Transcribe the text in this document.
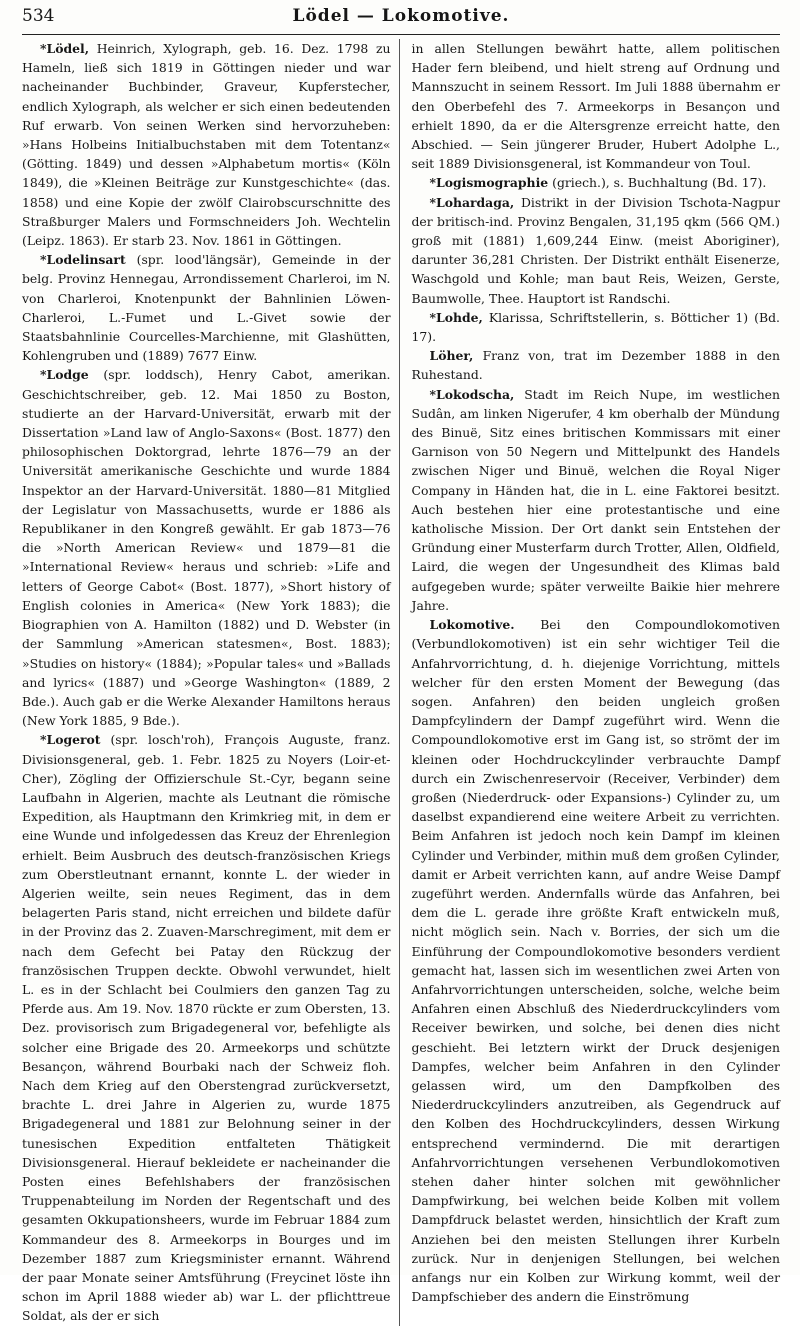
534	Lödel — Lokomotive.

*Lödel, Heinrich, Xylograph, geb. 16. Dez. 1798 zu Hameln, ließ sich 1819 in Göttingen nieder und war nacheinander Buchbinder, Graveur, Kupferstecher, endlich Xylograph, als welcher er sich einen bedeutenden Ruf erwarb. Von seinen Werken sind hervorzuheben: »Hans Holbeins Initialbuchstaben mit dem Totentanz« (Götting. 1849) und dessen »Alphabetum mortis« (Köln 1849), die »Kleinen Beiträge zur Kunstgeschichte« (das. 1858) und eine Kopie der zwölf Clairobscurschnitte des Straßburger Malers und Formschneiders Joh. Wechtelin (Leipz. 1863). Er starb 23. Nov. 1861 in Göttingen.

*Lodelinsart (spr. lood'längsär), Gemeinde in der belg. Provinz Hennegau, Arrondissement Charleroi, im N. von Charleroi, Knotenpunkt der Bahnlinien Löwen-Charleroi, L.-Fumet und L.-Givet sowie der Staatsbahnlinie Courcelles-Marchienne, mit Glashütten, Kohlengruben und (1889) 7677 Einw.

*Lodge (spr. loddsch), Henry Cabot, amerikan. Geschichtschreiber, geb. 12. Mai 1850 zu Boston, studierte an der Harvard-Universität, erwarb mit der Dissertation »Land law of Anglo-Saxons« (Bost. 1877) den philosophischen Doktorgrad, lehrte 1876—79 an der Universität amerikanische Geschichte und wurde 1884 Inspektor an der Harvard-Universität. 1880—81 Mitglied der Legislatur von Massachusetts, wurde er 1886 als Republikaner in den Kongreß gewählt. Er gab 1873—76 die »North American Review« und 1879—81 die »International Review« heraus und schrieb: »Life and letters of George Cabot« (Bost. 1877), »Short history of English colonies in America« (New York 1883); die Biographien von A. Hamilton (1882) und D. Webster (in der Sammlung »American statesmen«, Bost. 1883); »Studies on history« (1884); »Popular tales« und »Ballads and lyrics« (1887) und »George Washington« (1889, 2 Bde.). Auch gab er die Werke Alexander Hamiltons heraus (New York 1885, 9 Bde.).

*Logerot (spr. losch'roh), François Auguste, franz. Divisionsgeneral, geb. 1. Febr. 1825 zu Noyers (Loir-et-Cher), Zögling der Offizierschule St.-Cyr, begann seine Laufbahn in Algerien, machte als Leutnant die römische Expedition, als Hauptmann den Krimkrieg mit, in dem er eine Wunde und infolgedessen das Kreuz der Ehrenlegion erhielt. Beim Ausbruch des deutsch-französischen Kriegs zum Oberstleutnant ernannt, konnte L. der wieder in Algerien weilte, sein neues Regiment, das in dem belagerten Paris stand, nicht erreichen und bildete dafür in der Provinz das 2. Zuaven-Marschregiment, mit dem er nach dem Gefecht bei Patay den Rückzug der französischen Truppen deckte. Obwohl verwundet, hielt L. es in der Schlacht bei Coulmiers den ganzen Tag zu Pferde aus. Am 19. Nov. 1870 rückte er zum Obersten, 13. Dez. provisorisch zum Brigadegeneral vor, befehligte als solcher eine Brigade des 20. Armeekorps und schützte Besançon, während Bourbaki nach der Schweiz floh. Nach dem Krieg auf den Oberstengrad zurückversetzt, brachte L. drei Jahre in Algerien zu, wurde 1875 Brigadegeneral und 1881 zur Belohnung seiner in der tunesischen Expedition entfalteten Thätigkeit Divisionsgeneral. Hierauf bekleidete er nacheinander die Posten eines Befehlshabers der französischen Truppenabteilung im Norden der Regentschaft und des gesamten Okkupationsheers, wurde im Februar 1884 zum Kommandeur des 8. Armeekorps in Bourges und im Dezember 1887 zum Kriegsminister ernannt. Während der paar Monate seiner Amtsführung (Freycinet löste ihn schon im April 1888 wieder ab) war L. der pflichttreue Soldat, als der er sich

in allen Stellungen bewährt hatte, allem politischen Hader fern bleibend, und hielt streng auf Ordnung und Mannszucht in seinem Ressort. Im Juli 1888 übernahm er den Oberbefehl des 7. Armeekorps in Besançon und erhielt 1890, da er die Altersgrenze erreicht hatte, den Abschied. — Sein jüngerer Bruder, Hubert Adolphe L., seit 1889 Divisionsgeneral, ist Kommandeur von Toul.

*Logismographie (griech.), s. Buchhaltung (Bd. 17).

*Lohardaga, Distrikt in der Division Tschota-Nagpur der britisch-ind. Provinz Bengalen, 31,195 qkm (566 QM.) groß mit (1881) 1,609,244 Einw. (meist Aboriginer), darunter 36,281 Christen. Der Distrikt enthält Eisenerze, Waschgold und Kohle; man baut Reis, Weizen, Gerste, Baumwolle, Thee. Hauptort ist Randschi.

*Lohde, Klarissa, Schriftstellerin, s. Bötticher 1) (Bd. 17).

Löher, Franz von, trat im Dezember 1888 in den Ruhestand.

*Lokodscha, Stadt im Reich Nupe, im westlichen Sudân, am linken Nigerufer, 4 km oberhalb der Mündung des Binuë, Sitz eines britischen Kommissars mit einer Garnison von 50 Negern und Mittelpunkt des Handels zwischen Niger und Binuë, welchen die Royal Niger Company in Händen hat, die in L. eine Faktorei besitzt. Auch bestehen hier eine protestantische und eine katholische Mission. Der Ort dankt sein Entstehen der Gründung einer Musterfarm durch Trotter, Allen, Oldfield, Laird, die wegen der Ungesundheit des Klimas bald aufgegeben wurde; später verweilte Baikie hier mehrere Jahre.

Lokomotive. Bei den Compoundlokomotiven (Verbundlokomotiven) ist ein sehr wichtiger Teil die Anfahrvorrichtung, d. h. diejenige Vorrichtung, mittels welcher für den ersten Moment der Bewegung (das sogen. Anfahren) den beiden ungleich großen Dampfcylindern der Dampf zugeführt wird. Wenn die Compoundlokomotive erst im Gang ist, so strömt der im kleinen oder Hochdruckcylinder verbrauchte Dampf durch ein Zwischenreservoir (Receiver, Verbinder) dem großen (Niederdruck- oder Expansions-) Cylinder zu, um daselbst expandierend eine weitere Arbeit zu verrichten. Beim Anfahren ist jedoch noch kein Dampf im kleinen Cylinder und Verbinder, mithin muß dem großen Cylinder, damit er Arbeit verrichten kann, auf andre Weise Dampf zugeführt werden. Andernfalls würde das Anfahren, bei dem die L. gerade ihre größte Kraft entwickeln muß, nicht möglich sein. Nach v. Borries, der sich um die Einführung der Compoundlokomotive besonders verdient gemacht hat, lassen sich im wesentlichen zwei Arten von Anfahrvorrichtungen unterscheiden, solche, welche beim Anfahren einen Abschluß des Niederdruckcylinders vom Receiver bewirken, und solche, bei denen dies nicht geschieht. Bei letztern wirkt der Druck desjenigen Dampfes, welcher beim Anfahren in den Cylinder gelassen wird, um den Dampfkolben des Niederdruckcylinders anzutreiben, als Gegendruck auf den Kolben des Hochdruckcylinders, dessen Wirkung entsprechend vermindernd. Die mit derartigen Anfahrvorrichtungen versehenen Verbundlokomotiven stehen daher hinter solchen mit gewöhnlicher Dampfwirkung, bei welchen beide Kolben mit vollem Dampfdruck belastet werden, hinsichtlich der Kraft zum Anziehen bei den meisten Stellungen ihrer Kurbeln zurück. Nur in denjenigen Stellungen, bei welchen anfangs nur ein Kolben zur Wirkung kommt, weil der Dampfschieber des andern die Einströmung
